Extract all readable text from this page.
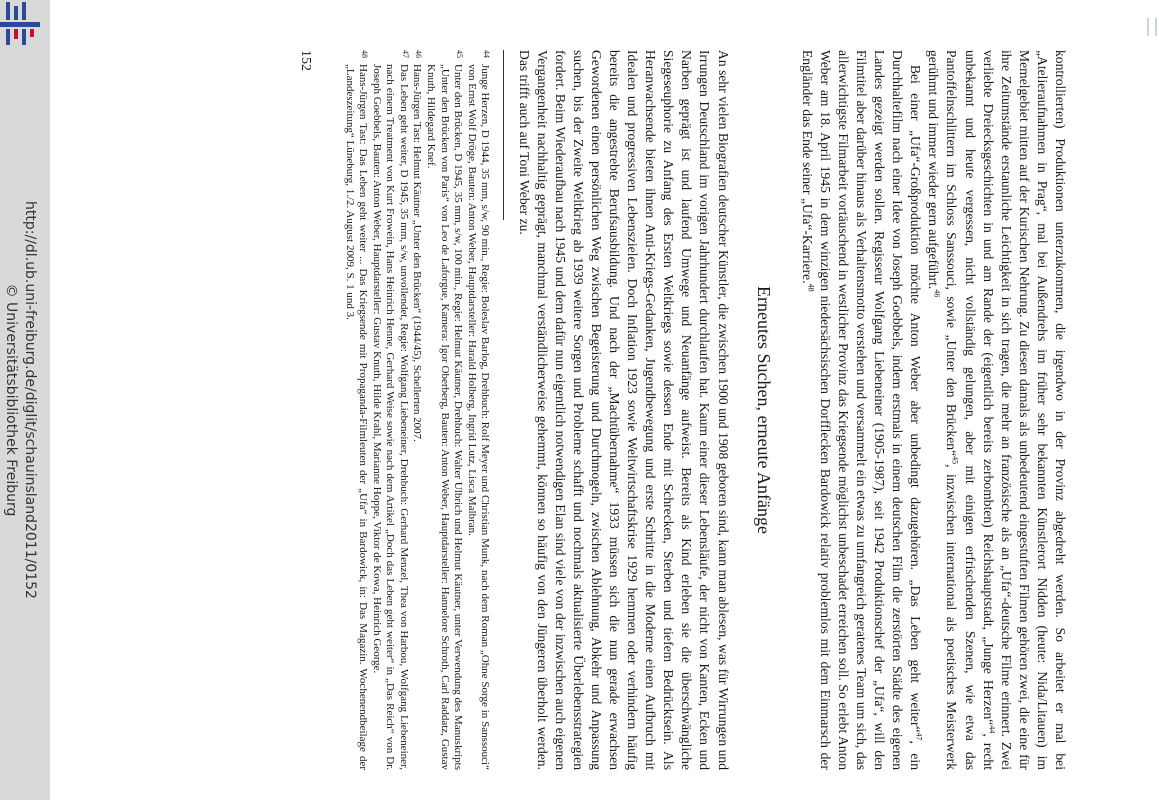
http://dl.ub.uni-freiburg.de/diglit/schauinsland2011/0152
© Universitätsbibliothek Freiburg	kontrollierten) Produktionen unterzukommen, die irgendwo in der Provinz abgedreht werden. So arbeitet er mal bei „Atelieraufnahmen in Prag“, mal bei Außendrehs im früher sehr bekannten Künstlerort Nidden (heute: Nida/Litauen) im Memelgebiet mitten auf der Kurischen Nehrung. Zu diesen damals als unbedeutend eingestuften Filmen gehören zwei, die eine für ihre Zeitumstände erstaunliche Leichtigkeit in sich tragen, die mehr an französische als an „Ufa“-deutsche Filme erinnert. Zwei verliebte Dreiecksgeschichten in und am Rande der (eigentlich bereits zerbombten) Reichshauptstadt, „Junge Herzen“$^{44}$, recht unbekannt und heute vergessen, nicht vollständig gelungen, aber mit einigen erfrischenden Szenen, wie etwa das Pantoffelnschlittern im Schloss Sanssouci, sowie „Unter den Brücken“$^{45}$, inzwischen international als poetisches Meisterwerk gerühmt und immer wieder gern aufgeführt.$^{46}$

Bei einer „Ufa“-Großproduktion möchte Anton Weber aber unbedingt dazugehören. „Das Leben geht weiter“$^{47}$, ein Durchhaltefilm nach einer Idee von Joseph Goebbels, indem erstmals in einem deutschen Film die zerstörten Städte des eigenen Landes gezeigt werden sollen. Regisseur Wolfgang Liebeneiner (1905-1987), seit 1942 Produktionschef der „Ufa“, will den Filmtitel aber darüber hinaus als Verhaltensmotto verstehen und versammelt ein etwas zu umfangreich geratenes Team um sich, das allerwichtigste Filmarbeit vortäuschend in westlicher Provinz das Kriegsende möglichst unbeschadet erreichen soll. So erlebt Anton Weber am 18. April 1945 in dem winzigen niedersächsischen Dorfflecken Bardowick relativ problemlos mit dem Einmarsch der Engländer das Ende seiner „Ufa“-Karriere.$^{48}$

Erneutes Suchen, erneute Anfänge

An sehr vielen Biografien deutscher Künstler, die zwischen 1900 und 1908 geboren sind, kann man ablesen, was für Wirrungen und Irrungen Deutschland im vorigen Jahrhundert durchlaufen hat. Kaum einer dieser Lebensläufe, der nicht von Kanten, Ecken und Narben geprägt ist und laufend Umwege und Neuanfänge aufweist. Bereits als Kind erleben sie die überschwängliche Siegeseuphorie zu Anfang des Ersten Weltkriegs sowie dessen Ende mit Schrecken, Sterben und tiefem Bedrücktsein. Als Heranwachsende bieten ihnen Anti-Kriegs-Gedanken, Jugendbewegung und erste Schritte in die Moderne einen Aufbruch mit Idealen und progressiven Lebenszielen. Doch Inflation 1923 sowie Weltwirtschaftskrise 1929 hemmen oder verhindern häufig bereits die angestrebte Berufsausbildung. Und nach der „Machtübernahme“ 1933 müssen sich die nun gerade erwachsen Gewordenen einen persönlichen Weg zwischen Begeisterung und Durchmogeln, zwischen Ablehnung, Abkehr und Anpassung suchen, bis der Zweite Weltkrieg ab 1939 weitere Sorgen und Probleme schafft und nochmals aktualisierte Überlebensstrategien fordert. Beim Wiederaufbau nach 1945 und dem dafür nun eigentlich notwendigen Elan sind viele von der inzwischen auch eigenen Vergangenheit nachhaltig geprägt, manchmal verständlicherweise gehemmt, können so häufig von den Jüngeren überholt werden. Das trifft auch auf Toni Weber zu.

44
Junge Herzen, D 1944, 35 mm, s/w, 90 min., Regie: Boleslav Barlog, Drehbuch: Rolf Meyer und Christian Munk, nach dem Roman „Ohne Sorge in Sanssouci“ von Ernst Wolf Dröge, Bauten: Anton Weber, Hauptdarsteller: Harald Holberg, Ingrid Lutz, Lisca Malbran.
45
Unter den Brücken, D 1945, 35 mm, s/w, 100 min., Regie: Helmut Käutner, Drehbuch: Walter Ulbrich und Helmut Käutner, unter Verwendung des Manuskripts „Unter den Brücken von Paris“ von Leo de Laforgue, Kamera: Igor Oberberg, Bauten: Anton Weber, Hauptdarsteller: Hannelore Schroth, Carl Raddatz, Gustav Knuth, Hildegard Knef.
46
Hans-Jürgen Tast: Helmut Käutner „Unter den Brücken“ (1944/45), Schellerten 2007.
47
Das Leben geht weiter, D 1945, 35 mm, s/w, unvollendet, Regie: Wolfgang Liebeneiner, Drehbuch: Gerhard Menzel, Thea von Harbou, Wolfgang Liebeneiner, nach einem Treatment von Kurt Frowein, Hans Heinrich Henne, Gerhard Weise sowie nach dem Artikel „Doch das Leben geht weiter“ in „Das Reich“ von Dr. Joseph Goebbels, Bauten: Anton Weber, Hauptdarsteller: Gustav Knuth, Hilde Krahl, Marianne Hoppe, Viktor de Kowa, Heinrich George.
48
Hans-Jürgen Tast: Das Leben geht weiter ... Das Kriegsende mit Propaganda-Filmleuten der „Ufa“ in Bardowick, in: Das Magazin. Wochenendbeilage der „Landeszeitung“ Lüneburg, 1./2. August 2009, S. 1 und 3.
152
